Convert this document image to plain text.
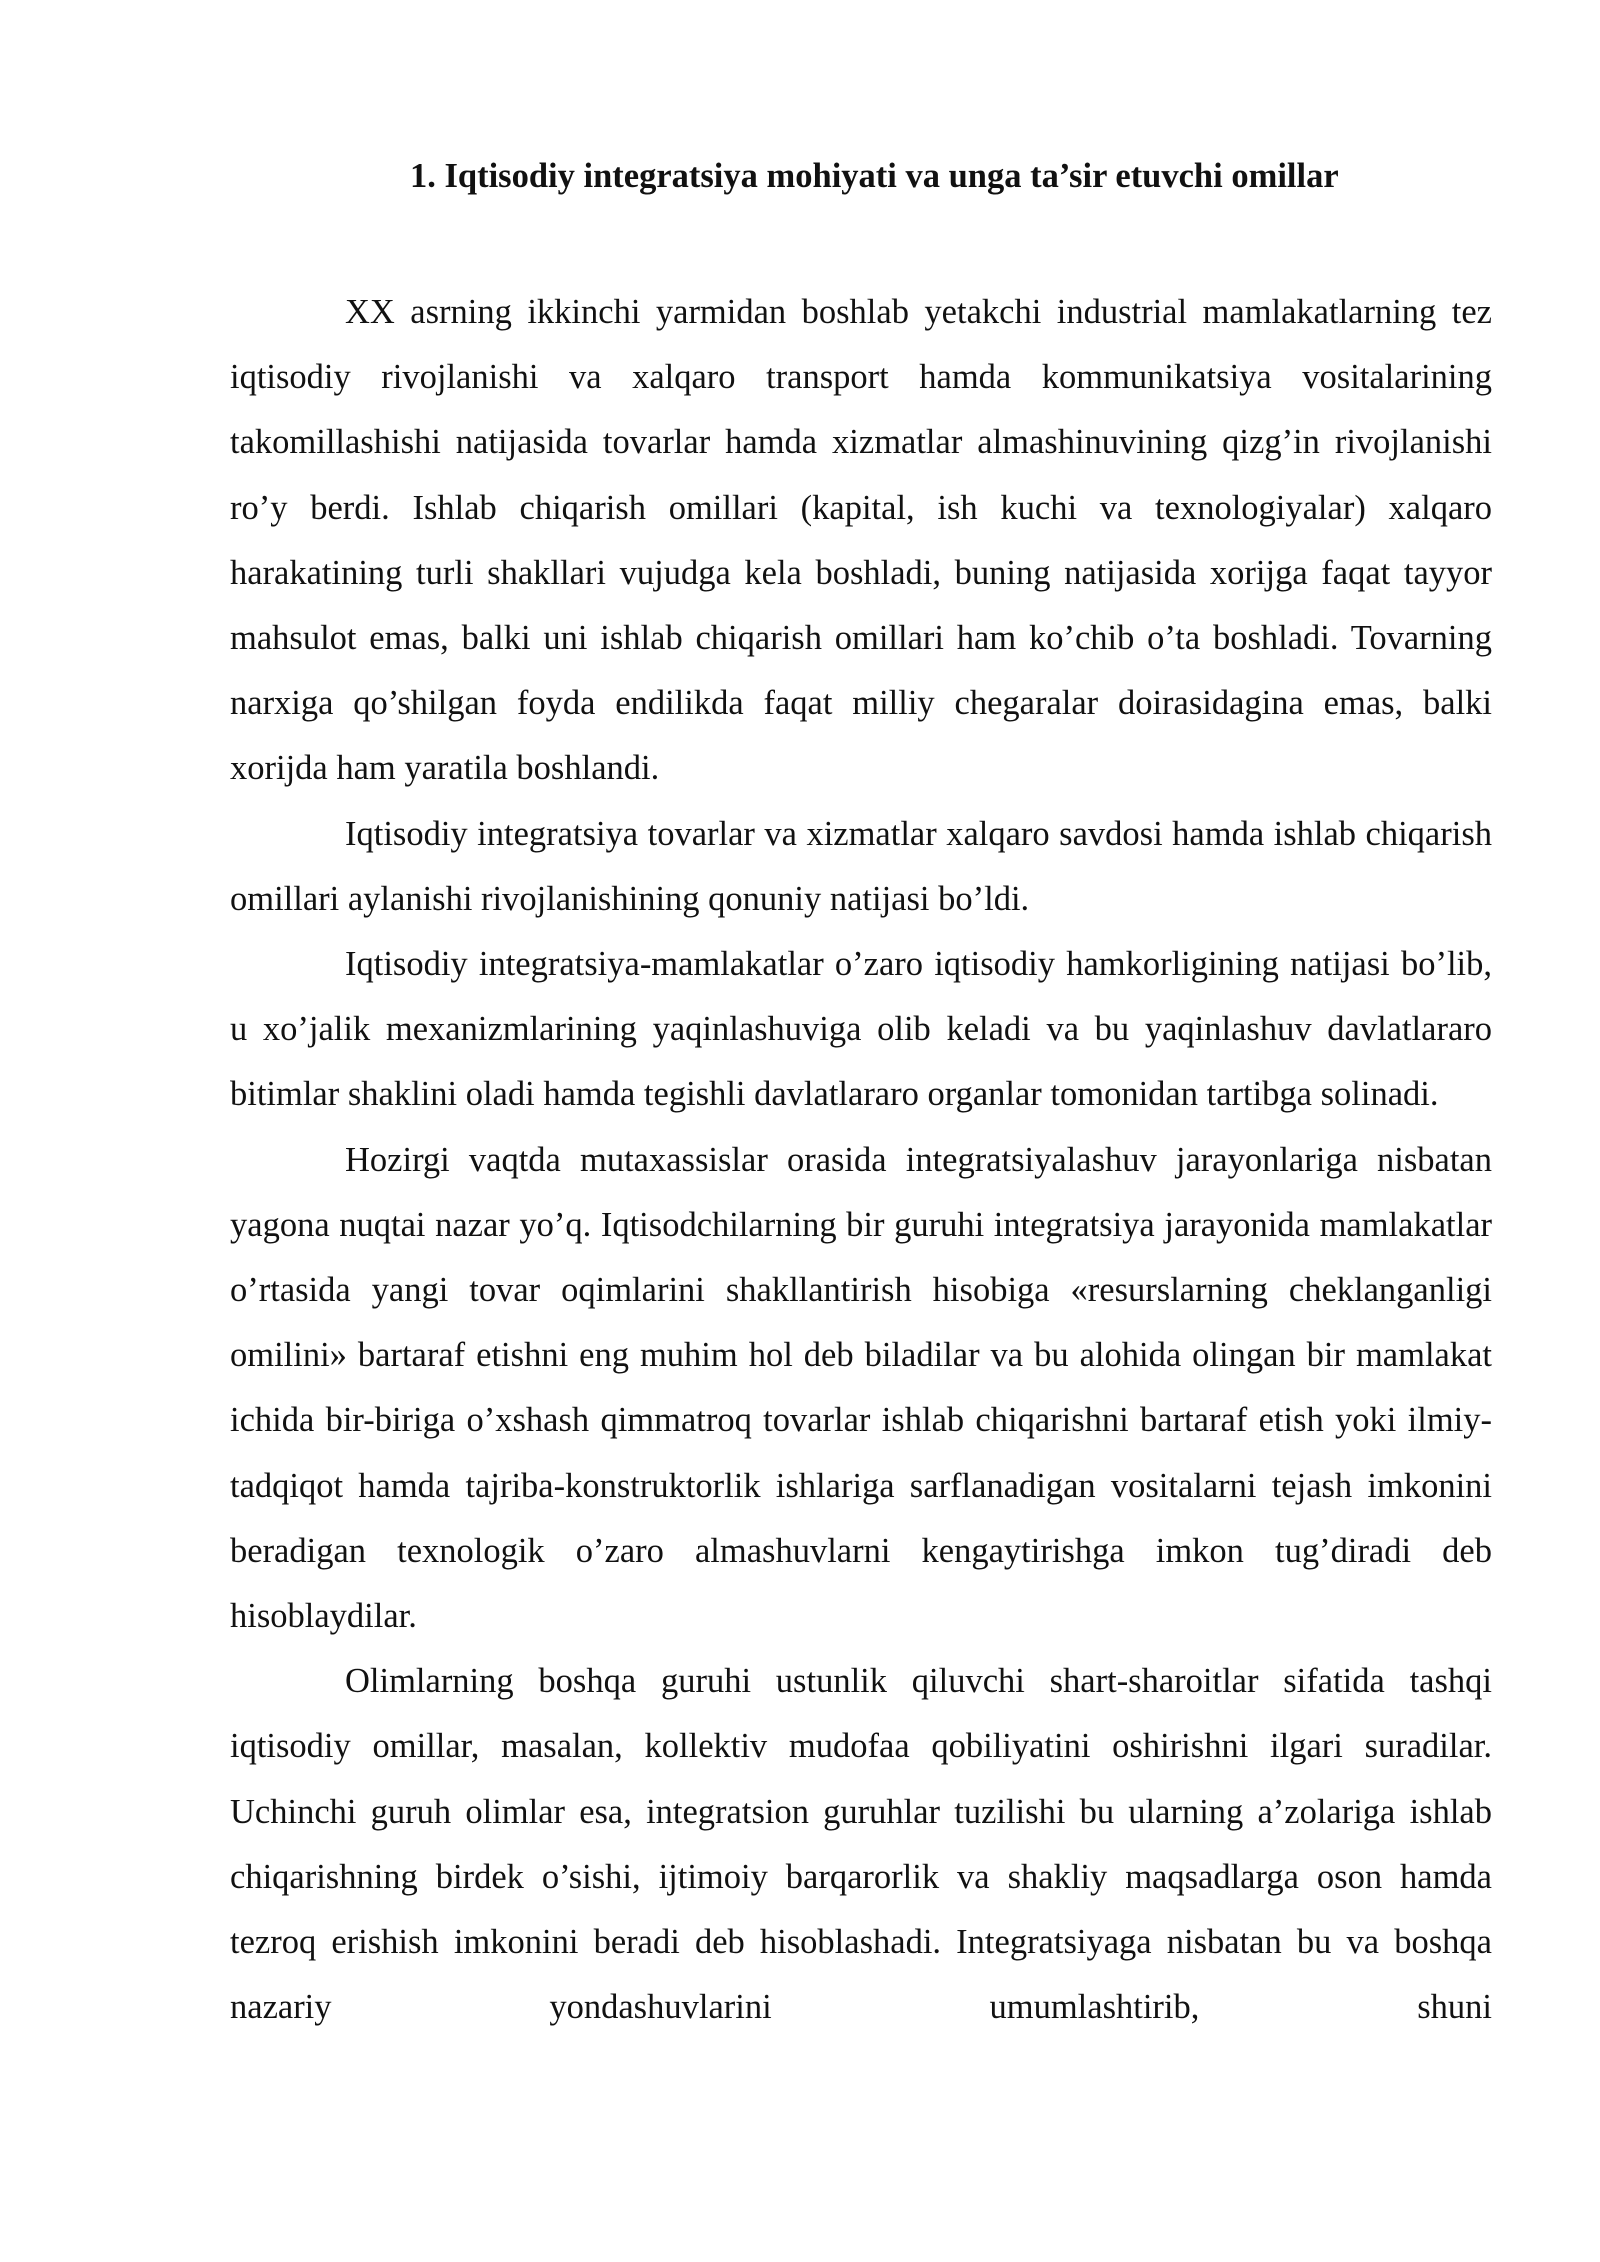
1. Iqtisodiy integratsiya mohiyati va unga ta’sir etuvchi omillar

XX asrning ikkinchi yarmidan boshlab yetakchi industrial mamlakatlarning tez iqtisodiy rivojlanishi va xalqaro transport hamda kommunikatsiya vositalarining takomillashishi natijasida tovarlar hamda xizmatlar almashinuvining qizg’in rivojlanishi ro’y berdi. Ishlab chiqarish omillari (kapital, ish kuchi va texnologiyalar) xalqaro harakatining turli shakllari vujudga kela boshladi, buning natijasida xorijga faqat tayyor mahsulot emas, balki uni ishlab chiqarish omillari ham ko’chib o’ta boshladi. Tovarning narxiga qo’shilgan foyda endilikda faqat milliy chegaralar doirasidagina emas, balki xorijda ham yaratila boshlandi.

Iqtisodiy integratsiya tovarlar va xizmatlar xalqaro savdosi hamda ishlab chiqarish omillari aylanishi rivojlanishining qonuniy natijasi bo’ldi.

Iqtisodiy integratsiya-mamlakatlar o’zaro iqtisodiy hamkorligining natijasi bo’lib, u xo’jalik mexanizmlarining yaqinlashuviga olib keladi va bu yaqinlashuv davlatlararo bitimlar shaklini oladi hamda tegishli davlatlararo organlar tomonidan tartibga solinadi.

Hozirgi vaqtda mutaxassislar orasida integratsiyalashuv jarayonlariga nisbatan yagona nuqtai nazar yo’q. Iqtisodchilarning bir guruhi integratsiya jarayonida mamlakatlar o’rtasida yangi tovar oqimlarini shakllantirish hisobiga «resurslarning cheklanganligi omilini» bartaraf etishni eng muhim hol deb biladilar va bu alohida olingan bir mamlakat ichida bir-biriga o’xshash qimmatroq tovarlar ishlab chiqarishni bartaraf etish yoki ilmiy-tadqiqot hamda tajriba-konstruktorlik ishlariga sarflanadigan vositalarni tejash imkonini beradigan texnologik o’zaro almashuvlarni kengaytirishga imkon tug’diradi deb hisoblaydilar.

Olimlarning boshqa guruhi ustunlik qiluvchi shart-sharoitlar sifatida tashqi iqtisodiy omillar, masalan, kollektiv mudofaa qobiliyatini oshirishni ilgari suradilar. Uchinchi guruh olimlar esa, integratsion guruhlar tuzilishi bu ularning a’zolariga ishlab chiqarishning birdek o’sishi, ijtimoiy barqarorlik va shakliy maqsadlarga oson hamda tezroq erishish imkonini beradi deb hisoblashadi. Integratsiyaga nisbatan bu va boshqa nazariy yondashuvlarini umumlashtirib, shuni
